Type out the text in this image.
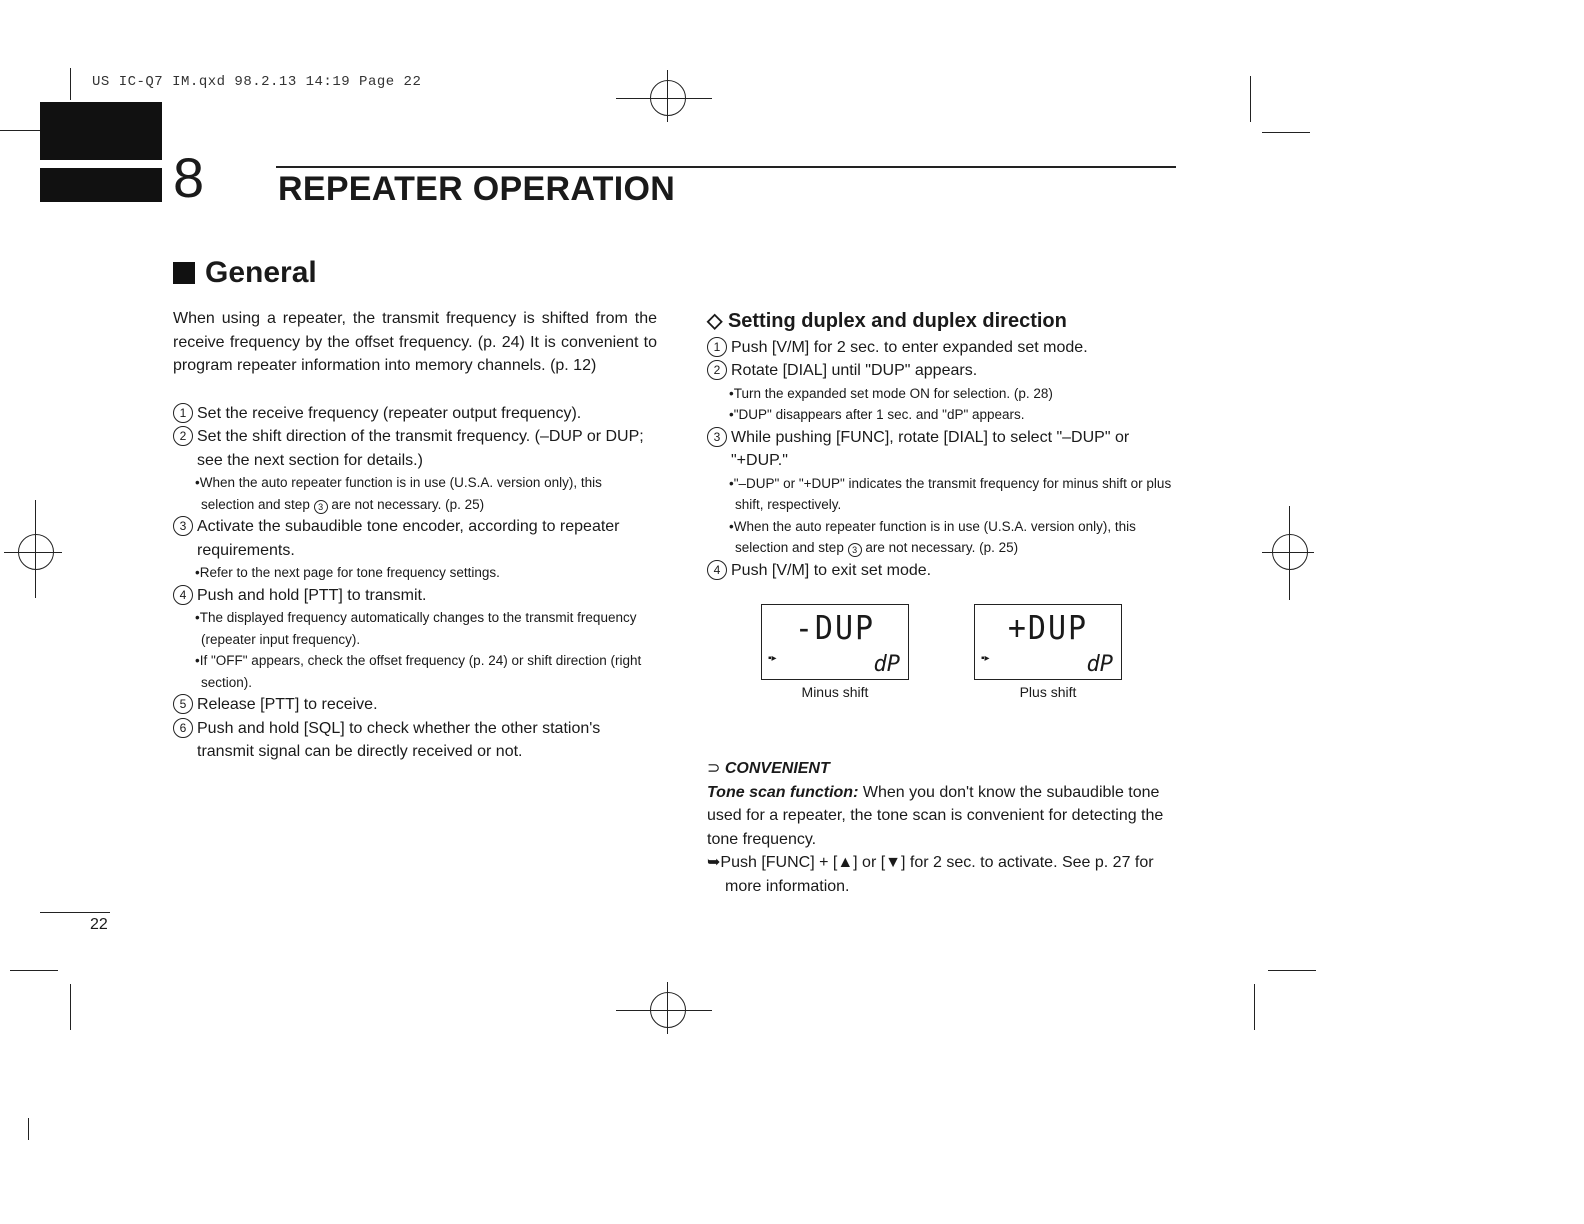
US IC-Q7 IM.qxd 98.2.13 14:19 Page 22
8 REPEATER OPERATION
General

When using a repeater, the transmit frequency is shifted from the receive frequency by the offset frequency. (p. 24) It is convenient to program repeater information into memory channels. (p. 12)

1 Set the receive frequency (repeater output frequency).
2 Set the shift direction of the transmit frequency. (–DUP or DUP; see the next section for details.)

•When the auto repeater function is in use (U.S.A. version only), this selection and step 3 are not necessary. (p. 25)

3 Activate the subaudible tone encoder, according to repeater requirements.

•Refer to the next page for tone frequency settings.

4 Push and hold [PTT] to transmit.

•The displayed frequency automatically changes to the transmit frequency (repeater input frequency).

•If "OFF" appears, check the offset frequency (p. 24) or shift direction (right section).

5 Release [PTT] to receive.
6 Push and hold [SQL] to check whether the other station's transmit signal can be directly received or not.
◇ Setting duplex and duplex direction
1 Push [V/M] for 2 sec. to enter expanded set mode.
2 Rotate [DIAL] until "DUP" appears.

•Turn the expanded set mode ON for selection. (p. 28)

•"DUP" disappears after 1 sec. and "dP" appears.

3 While pushing [FUNC], rotate [DIAL] to select "–DUP" or "+DUP."

•"–DUP" or "+DUP" indicates the transmit frequency for minus shift or plus shift, respectively.

•When the auto repeater function is in use (U.S.A. version only), this selection and step 3 are not necessary. (p. 25)

4 Push [V/M] to exit set mode.
-DUP
▪▸	dP
Minus shift
+DUP
▪▸	dP
Plus shift
⊃ CONVENIENT

Tone scan function: When you don't know the subaudible tone used for a repeater, the tone scan is convenient for detecting the tone frequency.

➥Push [FUNC] + [▲] or [▼] for 2 sec. to activate. See p. 27 for more information.

22
